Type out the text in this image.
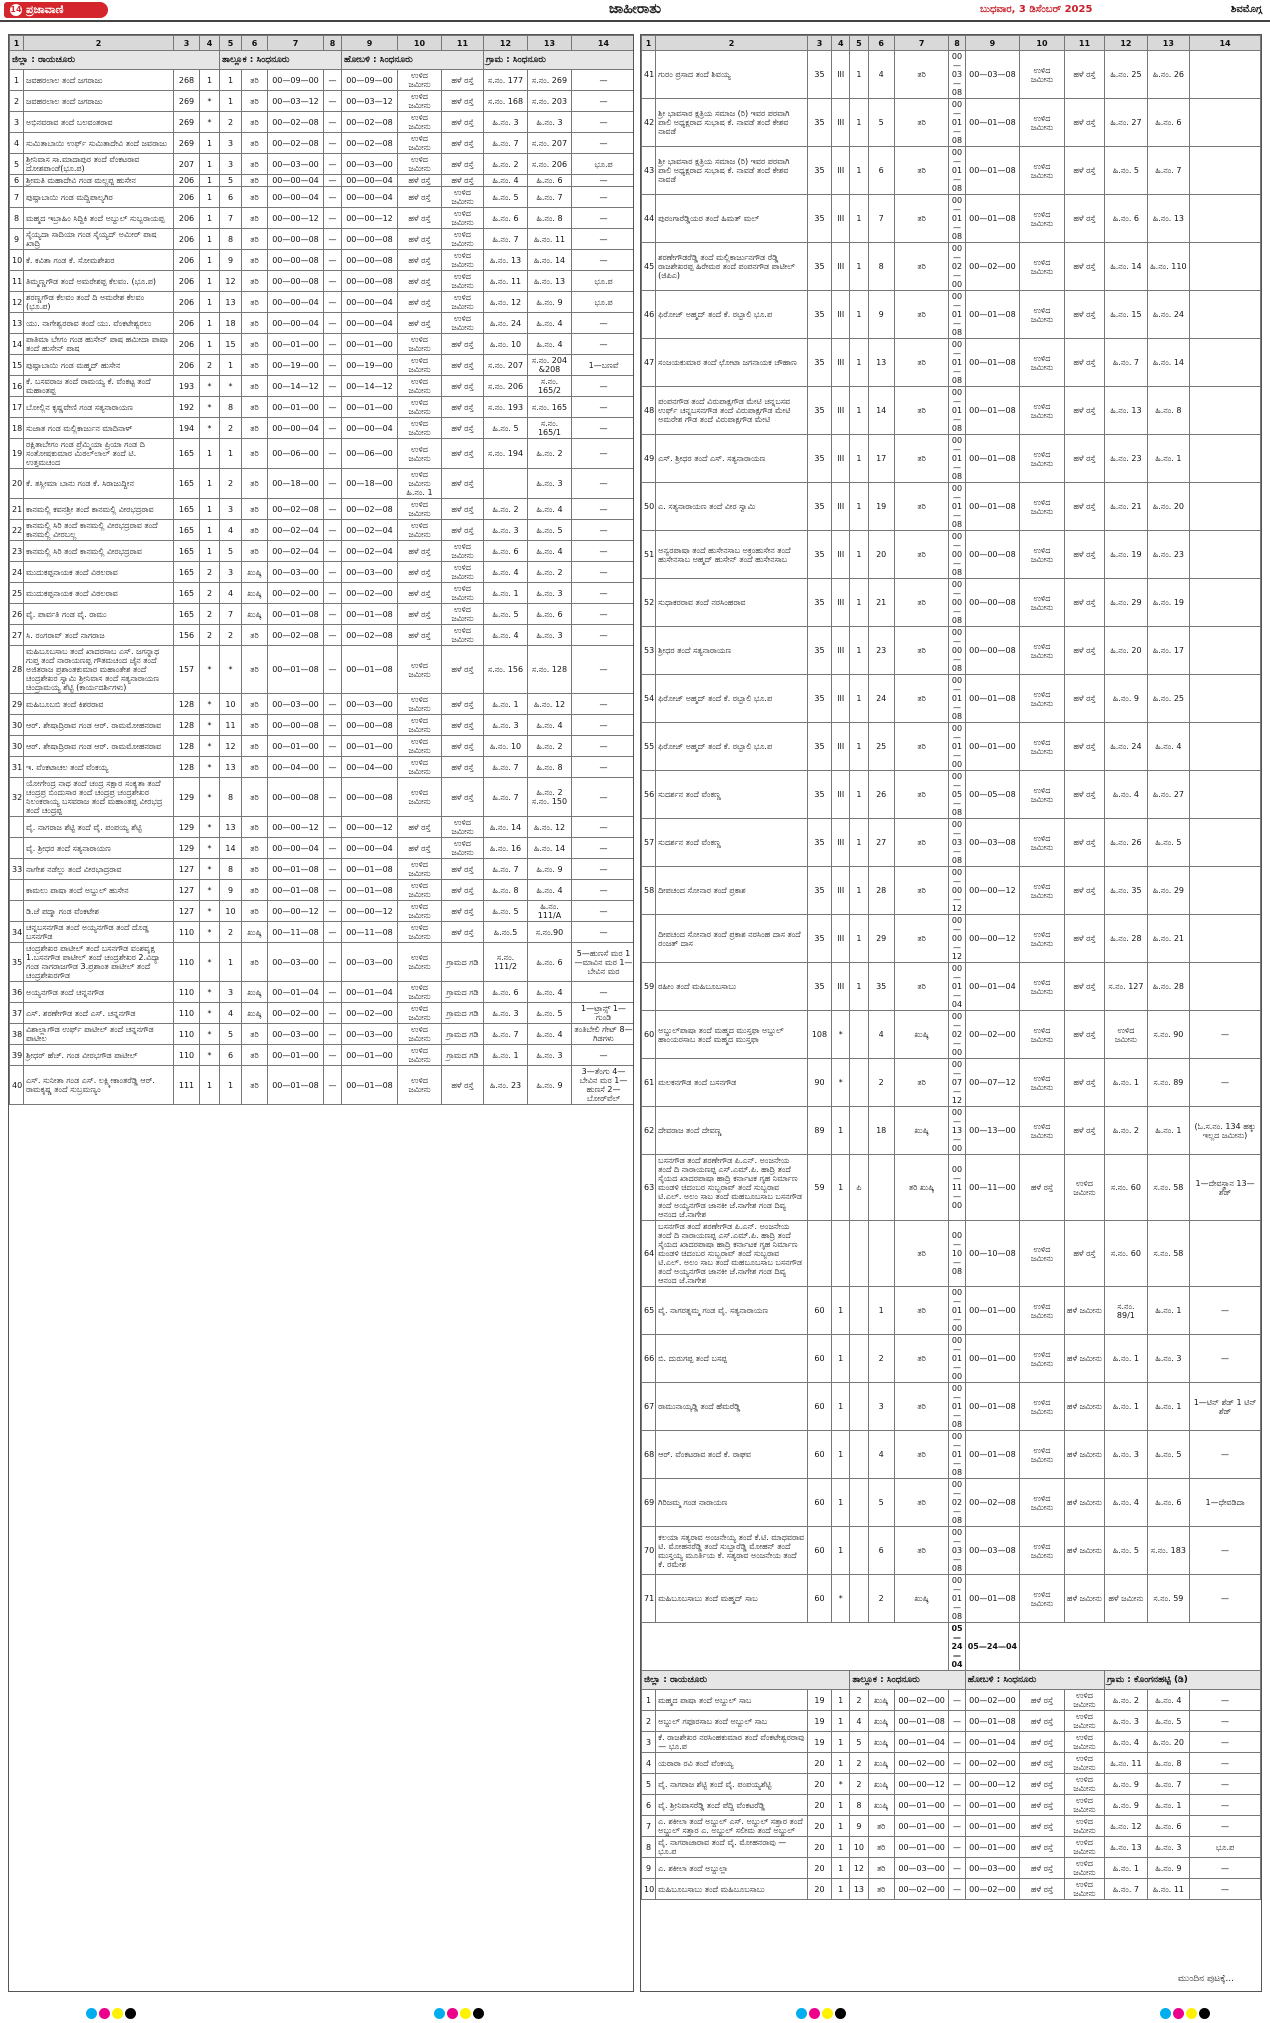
14 ಪ್ರಜಾವಾಣಿ	ಜಾಹೀರಾತು	ಬುಧವಾರ, 3 ಡಿಸೆಂಬರ್ 2025	ಶಿವಮೊಗ್ಗ
1	2	3	4	5	6	7	8	9	10	11	12	13	14
ಜಿಲ್ಲಾ : ರಾಯಚೂರು				ತಾಲ್ಲೂಕ : ಸಿಂಧನೂರು				ಹೋಬಳಿ : ಸಿಂಧನೂರು			ಗ್ರಾಮ : ಸಿಂಧನೂರು		
1	ಜವಹರಲಾಲ ತಂದೆ ಜಗರಾಜು	268	1	1	ತರಿ	00—09—00	—	00—09—00	ಉಳಿದ ಜಮೀನು	ಹಳೆ ರಸ್ತೆ	ಸ.ನಂ. 177	ಸ.ನಂ. 269	—
2	ಜವಹರಲಾಲ ತಂದೆ ಜಗರಾಜು	269	*	1	ತರಿ	00—03—12	—	00—03—12	ಉಳಿದ ಜಮೀನು	ಹಳೆ ರಸ್ತೆ	ಸ.ನಂ. 168	ಸ.ನಂ. 203	—
3	ಅಭಿನವರಾವ ತಂದೆ ಬಲವಂತರಾವ	269	*	2	ತರಿ	00—02—08	—	00—02—08	ಉಳಿದ ಜಮೀನು	ಹಳೆ ರಸ್ತೆ	ಹಿ.ನಂ. 3	ಹಿ.ನಂ. 3	—
4	ಸುಮಿತಾಬಾಯಿ ಉರ್ಫ್ ಸುಮಿತಾದೇವಿ ತಂದೆ ಜವರಾಜು	269	1	3	ತರಿ	00—02—08	—	00—02—08	ಉಳಿದ ಜಮೀನು	ಹಳೆ ರಸ್ತೆ	ಹಿ.ನಂ. 7	ಸ.ನಂ. 207	—
5	ಶ್ರೀನಿವಾಸ ಸಾ.ಮಾದಾಪುರ ತಂದೆ ವೆಂಕಟರಾವ ದೋಶಪಾಂಡೆ(ಭೂ.ಪ)	207	1	3	ತರಿ	00—03—00	—	00—03—00	ಉಳಿದ ಜಮೀನು	ಹಳೆ ರಸ್ತೆ	ಹಿ.ನಂ. 2	ಸ.ನಂ. 206	ಭೂ.ಪ
6	ಶ್ರೀಮತಿ ಮಹಾದೇವಿ ಗಂಡ ಮಲ್ಲಪ್ಪ ಹುಸೇನ	206	1	5	ತರಿ	00—00—04	—	00—00—04	ಹಳೆ ರಸ್ತೆ	ಹಳೆ ರಸ್ತೆ	ಹಿ.ನಂ. 4	ಹಿ.ನಂ. 6	—
7	ಪುಷ್ಪಾಬಾಯಿ ಗಂಡ ಮದ್ದಿಪಾಲ್ಯಗಿರ	206	1	6	ತರಿ	00—00—04	—	00—00—04	ಹಳೆ ರಸ್ತೆ	ಉಳಿದ ಜಮೀನು	ಹಿ.ನಂ. 5	ಹಿ.ನಂ. 7	—
8	ಮಹ್ಮದ ಇಬ್ರಾಹಿಂ ಸಿದ್ದಿಕಿ ತಂದೆ ಅಬ್ದುಲ್ ಸುಬ್ಬರಾಯಪ್ಪ	206	1	7	ತರಿ	00—00—12	—	00—00—12	ಹಳೆ ರಸ್ತೆ	ಉಳಿದ ಜಮೀನು	ಹಿ.ನಂ. 6	ಹಿ.ನಂ. 8	—
9	ಸೈಯ್ಯದಾ ಸಾದಿಯಾ ಗಂಡ ಸೈಯ್ಯದ್ ಅಮೀರ್ ಪಾಷ ಖಾದ್ರಿ	206	1	8	ತರಿ	00—00—08	—	00—00—08	ಹಳೆ ರಸ್ತೆ	ಉಳಿದ ಜಮೀನು	ಹಿ.ನಂ. 7	ಹಿ.ನಂ. 11	—
10	ಕೆ. ಕವಿತಾ ಗಂಡ ಕೆ. ಸೋಮಶೇಖರ	206	1	9	ತರಿ	00—00—08	—	00—00—08	ಹಳೆ ರಸ್ತೆ	ಉಳಿದ ಜಮೀನು	ಹಿ.ನಂ. 13	ಹಿ.ನಂ. 14	—
11	ತಿಮ್ಮಣ್ಣಗೌಡ ತಂದೆ ಅಮರೇಶಪ್ಪ ಕೆಲವಂ. (ಭೂ.ಪ)	206	1	12	ತರಿ	00—00—08	—	00—00—08	ಹಳೆ ರಸ್ತೆ	ಉಳಿದ ಜಮೀನು	ಹಿ.ನಂ. 11	ಹಿ.ನಂ. 13	ಭೂ.ಪ
12	ಶರಣ್ಣಗೌಡ ಕೆಲವಂ ತಂದೆ ದಿ ಅಮರೇಶ ಕೆಲವಂ (ಭೂ.ಪ)	206	1	13	ತರಿ	00—00—04	—	00—00—04	ಹಳೆ ರಸ್ತೆ	ಉಳಿದ ಜಮೀನು	ಹಿ.ನಂ. 12	ಹಿ.ನಂ. 9	ಭೂ.ಪ
13	ಯು. ನಾಗೇಶ್ವರರಾವ ತಂದೆ ಯು. ವೆಂಕಟೇಶ್ವರಲು	206	1	18	ತರಿ	00—00—04	—	00—00—04	ಹಳೆ ರಸ್ತೆ	ಉಳಿದ ಜಮೀನು	ಹಿ.ನಂ. 24	ಹಿ.ನಂ. 4	—
14	ಪಾತಿಮಾ ಬೇಗಂ ಗಂಡ ಹುಸೇನ್ ಪಾಷ ಹಮೀದಾ ಪಾಷಾ ತಂದೆ ಹುಸೇನ್ ಪಾಷ	206	1	15	ತರಿ	00—01—00	—	00—01—00	ಉಳಿದ ಜಮೀನು	ಹಳೆ ರಸ್ತೆ	ಹಿ.ನಂ. 10	ಹಿ.ನಂ. 4	—
15	ಪುಷ್ಪಾಬಾಯಿ ಗಂಡ ಮಹ್ಮದ್ ಹುಸೇನ	206	2	1	ತರಿ	00—19—00	—	00—19—00	ಉಳಿದ ಜಮೀನು	ಹಳೆ ರಸ್ತೆ	ಸ.ನಂ. 207	ಸ.ನಂ. 204 &208	1—ಬಣವೆ
16	ಕೆ. ಬಸವರಾಜ ತಂದೆ ರಾಮಯ್ಯ ಕೆ. ವೆಂಕಟ್ಟ ತಂದೆ ಮಹಾಂತಪ್ಪ	193	*	*	ತರಿ	00—14—12	—	00—14—12	ಉಳಿದ ಜಮೀನು	ಹಳೆ ರಸ್ತೆ	ಸ.ನಂ. 206	ಸ.ನಂ. 165/2	—
17	ಬೋಲ್ಲಿನ ಕೃಷ್ಣವೇಣಿ ಗಂಡ ಸತ್ಯನಾರಾಯಣ	192	*	8	ತರಿ	00—01—00	—	00—01—00	ಉಳಿದ ಜಮೀನು	ಹಳೆ ರಸ್ತೆ	ಸ.ನಂ. 193	ಸ.ನಂ. 165	—
18	ಸುಜಾತ ಗಂಡ ಮಲ್ಲಿಕಾರ್ಜುನ ಮಾದಿನಾಳ್	194	*	2	ತರಿ	00—00—04	—	00—00—04	ಉಳಿದ ಜಮೀನು	ಹಳೆ ರಸ್ತೆ	ಹಿ.ನಂ. 5	ಸ.ನಂ. 165/1	—
19	ರಕ್ಷಿತಾಬೇಗಂ ಗಂಡ ಪ್ರೆಮ್ಮಿಯಾ ಪ್ರಿಯಾ ಗಂಡ ದಿ ಸಂತೋಷಕುಮಾರ ಮಿಠಲ್‌ಲಾಲ್ ತಂದೆ ಟಿ. ಉತ್ತಮಚಂದ	165	1	1	ತರಿ	00—06—00	—	00—06—00	ಉಳಿದ ಜಮೀನು	ಹಳೆ ರಸ್ತೆ	ಸ.ನಂ. 194	ಹಿ.ನಂ. 2	—
20	ಕೆ. ತಸ್ಲೀಮಾ ಬಾನು ಗಂಡ ಕೆ. ಸಿರಾಜುದ್ದೀನ	165	1	2	ತರಿ	00—18—00	—	00—18—00	ಉಳಿದ ಜಮೀನು ಹಿ.ನಂ. 1	ಹಳೆ ರಸ್ತೆ		ಹಿ.ನಂ. 3	—
21	ಕಾನಮಲ್ಲಿ ಕವನಶ್ರೀ ತಂದೆ ಕಾನಮಲ್ಲಿ ವೀರಭದ್ರರಾವ	165	1	3	ತರಿ	00—02—08	—	00—02—08	ಉಳಿದ ಜಮೀನು	ಹಳೆ ರಸ್ತೆ	ಹಿ.ನಂ. 2	ಹಿ.ನಂ. 4	—
22	ಕಾನಮಲ್ಲಿ ಸಿರಿ ತಂದೆ ಕಾನಮಲ್ಲಿ ವೀರಭದ್ರರಾವ ತಂದೆ ಕಾನಮಲ್ಲಿ ವೀರಬಲ್ಲ	165	1	4	ತರಿ	00—02—04	—	00—02—04	ಉಳಿದ ಜಮೀನು	ಹಳೆ ರಸ್ತೆ	ಹಿ.ನಂ. 3	ಹಿ.ನಂ. 5	—
23	ಕಾನಮಲ್ಲಿ ಸಿರಿ ತಂದೆ ಕಾನಮಲ್ಲಿ ವೀರಭದ್ರರಾವ	165	1	5	ತರಿ	00—02—04	—	00—02—04	ಹಳೆ ರಸ್ತೆ	ಉಳಿದ ಜಮೀನು	ಹಿ.ನಂ. 6	ಹಿ.ನಂ. 4	—
24	ಮುದುಕಪ್ಪನಾಯಕ ತಂದೆ ವಿಠಲರಾವ	165	2	3	ಖುಷ್ಕಿ	00—03—00	—	00—03—00	ಹಳೆ ರಸ್ತೆ	ಉಳಿದ ಜಮೀನು	ಹಿ.ನಂ. 4	ಹಿ.ನಂ. 2	—
25	ಮುದುಕಪ್ಪನಾಯಕ ತಂದೆ ವಿಠಲರಾವ	165	2	4	ಖುಷ್ಕಿ	00—02—00	—	00—02—00	ಹಳೆ ರಸ್ತೆ	ಉಳಿದ ಜಮೀನು	ಹಿ.ನಂ. 1	ಹಿ.ನಂ. 3	—
26	ವೈ. ಪಾರ್ವತಿ ಗಂಡ ವೈ. ರಾಮು	165	2	7	ಖುಷ್ಕಿ	00—01—08	—	00—01—08	ಹಳೆ ರಸ್ತೆ	ಉಳಿದ ಜಮೀನು	ಹಿ.ನಂ. 5	ಹಿ.ನಂ. 6	—
27	ಸಿ. ರಂಗರಾವ್ ತಂದೆ ನಾಗರಾಜ	156	2	2	ತರಿ	00—02—08	—	00—02—08	ಹಳೆ ರಸ್ತೆ	ಉಳಿದ ಜಮೀನು	ಹಿ.ನಂ. 4	ಹಿ.ನಂ. 3	—
28	ಮಹಿಬೂಬಸಾಬ ತಂದೆ ಖಾದರಸಾಬ ಎಸ್. ಜಗನ್ನಾಥ ಗುಪ್ತ ತಂದೆ ನಾರಾಯಣಪ್ಪ ಗೌತಮಚಂದ ಜೈನ ತಂದೆ ಅಜಿತರಾಜ ಪ್ರಶಾಂತಕುಮಾರ ಮಹಾಂತೇಶ ತಂದೆ ಚಂದ್ರಶೇಖರ ಸ್ವಾಮಿ ಶ್ರೀನಿವಾಸ ತಂದೆ ಸತ್ಯನಾರಾಯಣ ಚಿಂದ್ರಾಮಯ್ಯ ಶೆಟ್ಟಿ (ಕಾರ್ಯದರ್ಶಿಗಳು)	157	*	*	ತರಿ	00—01—08	—	00—01—08	ಉಳಿದ ಜಮೀನು	ಹಳೆ ರಸ್ತೆ	ಸ.ನಂ. 156	ಸ.ನಂ. 128	—
29	ಮಹಿಬೂಬಬಿ ತಂದೆ ಕಿಶರರಾವ	128	*	10	ತರಿ	00—03—00	—	00—03—00	ಉಳಿದ ಜಮೀನು	ಹಳೆ ರಸ್ತೆ	ಹಿ.ನಂ. 1	ಹಿ.ನಂ. 12	—
30	ಆರ್. ಶೇಷಾದ್ರಿರಾವ ಗಂಡ ಆರ್. ರಾಮಮೋಹನರಾವ	128	*	11	ತರಿ	00—00—08	—	00—00—08	ಉಳಿದ ಜಮೀನು	ಹಳೆ ರಸ್ತೆ	ಹಿ.ನಂ. 3	ಹಿ.ನಂ. 4	—
30	ಆರ್. ಶೇಷಾದ್ರಿರಾವ ಗಂಡ ಆರ್. ರಾಮಮೋಹನರಾವ	128	*	12	ತರಿ	00—01—00	—	00—01—00	ಉಳಿದ ಜಮೀನು	ಹಳೆ ರಸ್ತೆ	ಹಿ.ನಂ. 10	ಹಿ.ನಂ. 2	—
31	ಇ. ವೆಂಕಟಾಚಲ ತಂದೆ ವೆಂಕಯ್ಯ	128	*	13	ತರಿ	00—04—00	—	00—04—00	ಉಳಿದ ಜಮೀನು	ಹಳೆ ರಸ್ತೆ	ಹಿ.ನಂ. 7	ಹಿ.ನಂ. 8	—
32	ಯೋಗೇಂದ್ರ ನಾಥ ತಂದೆ ಚಂದ್ರ ಸಕ್ಷಾರ ಸಂಕೃತಾ ತಂದೆ ಚಂದ್ರಪ್ರ ಬಿಂದುಸಾರ ತಂದೆ ಚಂದ್ರಪ್ರ ಚಂದ್ರಶೇಖರ ನಿಲಂಕರಾಯ್ಯ ಬಸವರಾಜ ತಂದೆ ಮಹಾಂತಪ್ಪ ವೀರಭದ್ರ ತಂದೆ ಚಂದ್ರಪ್ಪ	129	*	8	ತರಿ	00—00—08	—	00—00—08	ಉಳಿದ ಜಮೀನು	ಹಳೆ ರಸ್ತೆ	ಹಿ.ನಂ. 7	ಹಿ.ನಂ. 2 ಸ.ನಂ. 150	—
	ವೈ. ನಾಗರಾಜ ಶೆಟ್ಟಿ ತಂದೆ ವೈ. ಪಂಪಯ್ಯ ಶೆಟ್ಟಿ	129	*	13	ತರಿ	00—00—12	—	00—00—12	ಹಳೆ ರಸ್ತೆ	ಉಳಿದ ಜಮೀನು	ಹಿ.ನಂ. 14	ಹಿ.ನಂ. 12	—
	ವೈ. ಶ್ರೀಧರ ತಂದೆ ಸತ್ಯನಾರಾಯಣ	129	*	14	ತರಿ	00—00—04	—	00—00—04	ಹಳೆ ರಸ್ತೆ	ಉಳಿದ ಜಮೀನು	ಹಿ.ನಂ. 16	ಹಿ.ನಂ. 14	—
33	ನಾಗೇಶ ನಡೆಲ್ಲು ತಂದೆ ವೀರಭಾದ್ರರಾವ	127	*	8	ತರಿ	00—01—08	—	00—01—08	ಉಳಿದ ಜಮೀನು	ಹಳೆ ರಸ್ತೆ	ಹಿ.ನಂ. 7	ಹಿ.ನಂ. 9	—
	ಕಾಮಲು ಪಾಷಾ ತಂದೆ ಅಬ್ದುಲ್ ಹುಸೇನ	127	*	9	ತರಿ	00—01—08	—	00—01—08	ಉಳಿದ ಜಮೀನು	ಹಳೆ ರಸ್ತೆ	ಹಿ.ನಂ. 8	ಹಿ.ನಂ. 4	—
	ಡಿ.ಜೆ ಪದ್ಮಾ ಗಂಡ ವೆಂಕಟೇಶ	127	*	10	ತರಿ	00—00—12	—	00—00—12	ಉಳಿದ ಜಮೀನು	ಹಳೆ ರಸ್ತೆ	ಹಿ.ನಂ. 5	ಹಿ.ನಂ. 111/A	—
34	ಚನ್ನಬಸನಗೌಡ ತಂದೆ ಅಯ್ಯನಗೌಡ ತಂದೆ ದೊಡ್ಡ ಬಸನಗೌಡ	110	*	2	ಖುಷ್ಕಿ	00—11—08	—	00—11—08	ಉಳಿದ ಜಮೀನು	ಹಳೆ ರಸ್ತೆ	ಹಿ.ನಂ.5	ಸ.ನಂ.90	—
35	ಚಂದ್ರಶೇಖರ ಪಾಟೀಲ್ ತಂದೆ ಬಸನಗೌಡ ವಂಶವೃಕ್ಷ 1.ಬಸನಗೌಡ ಪಾಟೀಲ್ ತಂದೆ ಚಂದ್ರಶೇಖರ 2.ವಿದ್ಯಾ ಗಂಡ ನಾಗರಾಜಗೌಡ 3.ಪ್ರಶಾಂತ ಪಾಟೀಲ್ ತಂದೆ ಚಂದ್ರಶೇಖರಗೌಡ	110	*	1	ತರಿ	00—03—00	—	00—03—00	ಉಳಿದ ಜಮೀನು	ಗ್ರಾಮದ ಗಡಿ	ಸ.ನಂ. 111/2	ಹಿ.ನಂ. 6	5—ಹುಣಸೆ ಮರ 1—ಮಾವಿನ ಮರ 1—ಬೇವಿನ ಮರ
36	ಅಯ್ಯನಗೌಡ ತಂದೆ ಚನ್ನನಗೌಡ	110	*	3	ಖುಷ್ಕಿ	00—01—04	—	00—01—04	ಉಳಿದ ಜಮೀನು	ಗ್ರಾಮದ ಗಡಿ	ಹಿ.ನಂ. 6	ಹಿ.ನಂ. 4	—
37	ಎಸ್. ಶರಣೇಗೌಡ ತಂದೆ ಎಸ್. ಚನ್ನನಗೌಡ	110	*	4	ಖುಷ್ಕಿ	00—02—00	—	00—02—00	ಉಳಿದ ಜಮೀನು	ಗ್ರಾಮದ ಗಡಿ	ಹಿ.ನಂ. 3	ಹಿ.ನಂ. 5	1—ಟ್ರಾನ್ಸ್ 1—ಗುಂಡಿ
38	ವಿಶಾಲ್ಲಾಗೌಡ ಉರ್ಫ್ ಪಾಟೀಲ್ ತಂದೆ ಚನ್ನನಗೌಡ ಪಾಟೀಲ	110	*	5	ತರಿ	00—03—00	—	00—03—00	ಉಳಿದ ಜಮೀನು	ಗ್ರಾಮದ ಗಡಿ	ಹಿ.ನಂ. 7	ಹಿ.ನಂ. 4	ತಂತಿಬೇಲಿ ಗೇಟ್ 8—ಗಿಡಗಳು
39	ಶ್ರೀಧರ್ ಹೆಚ್. ಗಂಡ ವೀರಭಗೌಡ ಪಾಟೀಲ್	110	*	6	ತರಿ	00—01—00	—	00—01—00	ಉಳಿದ ಜಮೀನು	ಗ್ರಾಮದ ಗಡಿ	ಹಿ.ನಂ. 1	ಹಿ.ನಂ. 3	—
40	ಎಸ್. ಸುನೀತಾ ಗಂಡ ಎಸ್. ಲಕ್ಷ್ಮೀಕಾಂತರೆಡ್ಡಿ ಆರ್. ರಾಮಕೃಷ್ಣ ತಂದೆ ಸುಬ್ರಮಣ್ಯಂ	111	1	1	ತರಿ	00—01—08	—	00—01—08	ಉಳಿದ ಜಮೀನು	ಹಳೆ ರಸ್ತೆ	ಹಿ.ನಂ. 23	ಹಿ.ನಂ. 9	3—ತೆಂಗು 4—ಬೇವಿನ ಮರ 1—ಹುಣಸೆ 2—ಬೋರ್‌ವೆಲ್
1	2	3	4	5	6	7	8	9	10	11	12	13	14
41	ಗುರಂ ಪ್ರಸಾದ ತಂದೆ ಶಿವಯ್ಯ	35	III	1	4	ತರಿ	00—03—08	00—03—08	ಉಳಿದ ಜಮೀನು	ಹಳೆ ರಸ್ತೆ	ಹಿ.ನಂ. 25	ಹಿ.ನಂ. 26	
42	ಶ್ರೀ ಭಾವಸಾರ ಕ್ಷತ್ರಿಯ ಸಮಾಜ (ರಿ) ಇವರ ಪರವಾಗಿ ಪಾಲಿ ಅಧ್ಯಕ್ಷರಾದ ಸುಭಾಷ ಕೆ. ನಾವಡೆ ತಂದೆ ಕೇಶವ ನಾವಡೆ	35	III	1	5	ತರಿ	00—01—08	00—01—08	ಉಳಿದ ಜಮೀನು	ಹಳೆ ರಸ್ತೆ	ಹಿ.ನಂ. 27	ಹಿ.ನಂ. 6	
43	ಶ್ರೀ ಭಾವಸಾರ ಕ್ಷತ್ರಿಯ ಸಮಾಜ (ರಿ) ಇವರ ಪರವಾಗಿ ಪಾಲಿ ಅಧ್ಯಕ್ಷರಾದ ಸುಭಾಷ ಕೆ. ನಾವಡೆ ತಂದೆ ಕೇಶವ ನಾವಡೆ	35	III	1	6	ತರಿ	00—01—08	00—01—08	ಉಳಿದ ಜಮೀನು	ಹಳೆ ರಸ್ತೆ	ಹಿ.ನಂ. 5	ಹಿ.ನಂ. 7	
44	ಪುರಂಗಾರೆಡ್ಡಿಯರ ತಂದೆ ಹಿಮತ್ ಮಲ್	35	III	1	7	ತರಿ	00—01—08	00—01—08	ಉಳಿದ ಜಮೀನು	ಹಳೆ ರಸ್ತೆ	ಹಿ.ನಂ. 6	ಹಿ.ನಂ. 13	
45	ಶರಣೇಗೌಡರೆಡ್ಡಿ ತಂದೆ ಮಲ್ಲಿಕಾರ್ಜುನಗೌಡ ರೆಡ್ಡಿ ರಾಜಶೇಖರಪ್ಪ ಹಿರೇಮಠ ತಂದೆ ಪಂಪನಗೌಡ ಪಾಟೀಲ್ (ಜಿಪಿಎ)	35	III	1	8	ತರಿ	00—02—00	00—02—00	ಉಳಿದ ಜಮೀನು	ಹಳೆ ರಸ್ತೆ	ಹಿ.ನಂ. 14	ಹಿ.ನಂ. 110	
46	ಫಿರೋಜ್ ಅಹ್ಮದ್ ತಂದೆ ಕೆ. ರಬ್ಬಾಲಿ ಭೂ.ಪ	35	III	1	9	ತರಿ	00—01—08	00—01—08	ಉಳಿದ ಜಮೀನು	ಹಳೆ ರಸ್ತೆ	ಹಿ.ನಂ. 15	ಹಿ.ನಂ. 24	
47	ಸಂಜಯಕುಮಾರ ತಂದೆ ಛೋಟಾ ಜಗನಾಯಕ ಚೌಹಾಣ	35	III	1	13	ತರಿ	00—01—08	00—01—08	ಉಳಿದ ಜಮೀನು	ಹಳೆ ರಸ್ತೆ	ಹಿ.ನಂ. 7	ಹಿ.ನಂ. 14	
48	ಪಂಪನಗೌಡ ತಂದೆ ವಿರುಪಾಕ್ಷಗೌಡ ಮೇಟಿ ಚನ್ನಬಸವ ಉರ್ಫ್ ಚನ್ನಬಸನಗೌಡ ತಂದೆ ವಿರುಪಾಕ್ಷಗೌಡ ಮೇಟಿ ಅಮರೇಶ ಗೌಡ ತಂದೆ ವಿರುಪಾಕ್ಷಗೌಡ ಮೇಟಿ	35	III	1	14	ತರಿ	00—01—08	00—01—08	ಉಳಿದ ಜಮೀನು	ಹಳೆ ರಸ್ತೆ	ಹಿ.ನಂ. 13	ಹಿ.ನಂ. 8	
49	ಎಸ್. ಶ್ರೀಧರ ತಂದೆ ಎಸ್. ಸತ್ಯನಾರಾಯಣ	35	III	1	17	ತರಿ	00—01—08	00—01—08	ಉಳಿದ ಜಮೀನು	ಹಳೆ ರಸ್ತೆ	ಹಿ.ನಂ. 23	ಹಿ.ನಂ. 1	
50	ಎ. ಸತ್ಯನಾರಾಯಣ ತಂದೆ ವೀರ ಸ್ವಾಮಿ	35	III	1	19	ತರಿ	00—01—08	00—01—08	ಉಳಿದ ಜಮೀನು	ಹಳೆ ರಸ್ತೆ	ಹಿ.ನಂ. 21	ಹಿ.ನಂ. 20	
51	ಅನ್ವರಪಾಷಾ ತಂದೆ ಹುಸೇನಸಾಬ ಅಕ್ರಂಹುಸೇನ ತಂದೆ ಹುಸೇನಸಾಬ ಅಹ್ಮದ್ ಹುಸೇನ್ ತಂದೆ ಹುಸೇನಸಾಬ	35	III	1	20	ತರಿ	00—00—08	00—00—08	ಉಳಿದ ಜಮೀನು	ಹಳೆ ರಸ್ತೆ	ಹಿ.ನಂ. 19	ಹಿ.ನಂ. 23	
52	ಸುಧಾಕರರಾವ ತಂದೆ ನರಸಿಂಹರಾವ	35	III	1	21	ತರಿ	00—00—08	00—00—08	ಉಳಿದ ಜಮೀನು	ಹಳೆ ರಸ್ತೆ	ಹಿ.ನಂ. 29	ಹಿ.ನಂ. 19	
53	ಶ್ರೀಧರ ತಂದೆ ಸತ್ಯನಾರಾಯಣ	35	III	1	23	ತರಿ	00—00—08	00—00—08	ಉಳಿದ ಜಮೀನು	ಹಳೆ ರಸ್ತೆ	ಹಿ.ನಂ. 20	ಹಿ.ನಂ. 17	
54	ಫಿರೋಜ್ ಅಹ್ಮದ್ ತಂದೆ ಕೆ. ರಬ್ಬಾಲಿ ಭೂ.ಪ	35	III	1	24	ತರಿ	00—01—08	00—01—08	ಉಳಿದ ಜಮೀನು	ಹಳೆ ರಸ್ತೆ	ಹಿ.ನಂ. 9	ಹಿ.ನಂ. 25	
55	ಫಿರೋಜ್ ಅಹ್ಮದ್ ತಂದೆ ಕೆ. ರಬ್ಬಾಲಿ ಭೂ.ಪ	35	III	1	25	ತರಿ	00—01—00	00—01—00	ಉಳಿದ ಜಮೀನು	ಹಳೆ ರಸ್ತೆ	ಹಿ.ನಂ. 24	ಹಿ.ನಂ. 4	
56	ಸುದರ್ಶನ ತಂದೆ ವೆಂಕಣ್ಣ	35	III	1	26	ತರಿ	00—05—08	00—05—08	ಉಳಿದ ಜಮೀನು	ಹಳೆ ರಸ್ತೆ	ಹಿ.ನಂ. 4	ಹಿ.ನಂ. 27	
57	ಸುದರ್ಶನ ತಂದೆ ವೆಂಕಣ್ಣ	35	III	1	27	ತರಿ	00—03—08	00—03—08	ಉಳಿದ ಜಮೀನು	ಹಳೆ ರಸ್ತೆ	ಹಿ.ನಂ. 26	ಹಿ.ನಂ. 5	
58	ದೀಪಚಂದ ಸೋನಾರ ತಂದೆ ಪ್ರಕಾಶ	35	III	1	28	ತರಿ	00—00—12	00—00—12	ಉಳಿದ ಜಮೀನು	ಹಳೆ ರಸ್ತೆ	ಹಿ.ನಂ. 35	ಹಿ.ನಂ. 29	
	ದೀಪಚಂದ ಸೋನಾರ ತಂದೆ ಪ್ರಕಾಶ ನರಸಿಂಹ ದಾಸ ತಂದೆ ರಂಜತ್ ದಾಸ	35	III	1	29	ತರಿ	00—00—12	00—00—12	ಉಳಿದ ಜಮೀನು	ಹಳೆ ರಸ್ತೆ	ಹಿ.ನಂ. 28	ಹಿ.ನಂ. 21	
59	ರಹೀಂ ತಂದೆ ಮಹಿಬೂಬಸಾಬು	35	III	1	35	ತರಿ	00—01—04	00—01—04	ಉಳಿದ ಜಮೀನು	ಹಳೆ ರಸ್ತೆ	ಸ.ನಂ. 127	ಹಿ.ನಂ. 28	
60	ಅಬ್ದುಲ್‌ಪಾಷಾ ತಂದೆ ಮಹ್ಮದ ಮುಸ್ತಫಾ ಅಬ್ದುಲ್ ಹಾಂಯರಸಾಬ ತಂದೆ ಮಹ್ಮದ ಮುಸ್ತಫಾ	108	*		4	ಖುಷ್ಕಿ	00—02—00	00—02—00	ಉಳಿದ ಜಮೀನು	ಹಳೆ ರಸ್ತೆ	ಉಳಿದ ಜಮೀನು	ಸ.ನಂ. 90	—
61	ಮಲಕನಗೌಡ ತಂದೆ ಬಸನಗೌಡ	90	*		2	ತರಿ	00—07—12	00—07—12	ಉಳಿದ ಜಮೀನು	ಹಳೆ ರಸ್ತೆ	ಹಿ.ನಂ. 1	ಸ.ನಂ. 89	—
62	ದೇವರಾಜ ತಂದೆ ದೇವಣ್ಣ	89	1		18	ಖುಷ್ಕಿ	00—13—00	00—13—00	ಉಳಿದ ಜಮೀನು	ಹಳೆ ರಸ್ತೆ	ಹಿ.ನಂ. 2	ಹಿ.ನಂ. 1	(ಓ.ಸ.ನಂ. 134 ಹಕ್ಕು ಇಲ್ಲದ ಜಮೀನು)
63	ಬಸನಗೌಡ ತಂದೆ ಶರಣೇಗೌಡ ಪಿ.ಎನ್. ಅಂಜನೇಯ ತಂದೆ ದಿ ನಾರಾಯಣಪ್ಪ ಎಸ್.ಎಮ್.ಪಿ. ಹಾದ್ರಿ ತಂದೆ ಸೈಯದ ಖಾದರಪಾಷಾ ಹಾದ್ರಿ ಕರ್ನಾಟಕ ಗೃಹ ನಿರ್ಮಾಣ ಮಂಡಳಿ ಚಿದಂಬರ ಸುಬ್ಬರಾವ್ ತಂದೆ ಸುಬ್ಬರಾವ ಟಿ.ಎಲ್. ಅಲಂ ಸಾಬ ತಂದೆ ಮಹಬೂಬಸಾಬ ಬಸನಗೌಡ ತಂದೆ ಅಯ್ಯನಗೌಡ ಜಾನಕೀ ಜೆ.ನಾಗೇಶ ಗಂಡ ದಿವ್ಯ ಆನಂದ ಜೆ.ನಾಗೇಶ	59	1	ಪಿ		ತರಿ ಖುಷ್ಕಿ	00—11—00	00—11—00	ಹಳೆ ರಸ್ತೆ	ಉಳಿದ ಜಮೀನು	ಸ.ನಂ. 60	ಸ.ನಂ. 58	1—ದೇವಸ್ಥಾನ 13—ಶೆಡ್
64	ಬಸನಗೌಡ ತಂದೆ ಶರಣೇಗೌಡ ಪಿ.ಎನ್. ಅಂಜನೇಯ ತಂದೆ ದಿ ನಾರಾಯಣಪ್ಪ ಎಸ್.ಎಮ್.ಪಿ. ಹಾದ್ರಿ ತಂದೆ ಸೈಯದ ಖಾದರಪಾಷಾ ಹಾದ್ರಿ ಕರ್ನಾಟಕ ಗೃಹ ನಿರ್ಮಾಣ ಮಂಡಳಿ ಚಿದಂಬರ ಸುಬ್ಬರಾವ್ ತಂದೆ ಸುಬ್ಬರಾವ ಟಿ.ಎಲ್. ಅಲಂ ಸಾಬ ತಂದೆ ಮಹಬೂಬಸಾಬ ಬಸನಗೌಡ ತಂದೆ ಅಯ್ಯನಗೌಡ ಜಾನಕೀ ಜೆ.ನಾಗೇಶ ಗಂಡ ದಿವ್ಯ ಆನಂದ ಜೆ.ನಾಗೇಶ					ತರಿ	00—10—08	00—10—08	ಉಳಿದ ಜಮೀನು	ಹಳೆ ರಸ್ತೆ	ಸ.ನಂ. 60	ಸ.ನಂ. 58	
65	ವೈ. ನಾಗರತ್ನಮ್ಮ ಗಂಡ ವೈ. ಸತ್ಯನಾರಾಯಣ	60	1		1	ತರಿ	00—01—00	00—01—00	ಉಳಿದ ಜಮೀನು	ಹಳೆ ಜಮೀನು	ಸ.ನಂ. 89/1	ಹಿ.ನಂ. 1	—
66	ಬಿ. ದುರುಗಪ್ಪ ತಂದೆ ಬಸಪ್ಪ	60	1		2	ತರಿ	00—01—00	00—01—00	ಉಳಿದ ಜಮೀನು	ಹಳೆ ಜಮೀನು	ಹಿ.ನಂ. 1	ಹಿ.ನಂ. 3	—
67	ರಾಮುನಾಯ್ಕಡ್ಡಿ ತಂದೆ ಹೆಮರೆಡ್ಡಿ	60	1		3	ತರಿ	00—01—08	00—01—08	ಉಳಿದ ಜಮೀನು	ಹಳೆ ಜಮೀನು	ಹಿ.ನಂ. 1	ಹಿ.ನಂ. 1	1—ಟಿನ್ ಶೆಡ್ 1 ಟಿನ್ ಶೆಡ್
68	ಆರ್. ವೆಂಕಟರಾವ ತಂದೆ ಕೆ. ರಾಘವ	60	1		4	ತರಿ	00—01—08	00—01—08	ಉಳಿದ ಜಮೀನು	ಹಳೆ ಜಮೀನು	ಹಿ.ನಂ. 3	ಹಿ.ನಂ. 5	—
69	ಗಿರಿಜಮ್ಮ ಗಂಡ ನಾರಾಯಣ	60	1		5	ತರಿ	00—02—08	00—02—08	ಉಳಿದ ಜಮೀನು	ಹಳೆ ಜಮೀನು	ಹಿ.ನಂ. 4	ಹಿ.ನಂ. 6	1—ಧೇವಡಿದಾ
70	ಕಲಯಾ ಸತ್ಯರಾವ ಅಂಜನೇಯ್ಯ ತಂದೆ ಕೆ.ಟಿ. ಮಾಧವರಾವ ಟಿ. ಮೋಹನರೆಡ್ಡಿ ತಂದೆ ಸುಬ್ಬಾರೆಡ್ಡಿ ಮೋಹನ್ ತಂದೆ ಮುಸ್ತಯ್ಯ ಮೂರ್ತಿಯ ಕೆ. ಸತ್ಯರಾವ ಅಂಜನೇಯ ತಂದೆ ಕೆ. ರಮೇಶ	60	1		6	ತರಿ	00—03—08	00—03—08	ಉಳಿದ ಜಮೀನು	ಹಳೆ ಜಮೀನು	ಹಿ.ನಂ. 5	ಸ.ನಂ. 183	—
71	ಮಹಿಬೂಬಸಾಬು ತಂದೆ ಮಹ್ಮದ್ ಸಾಬ	60	*		2	ಖುಷ್ಕಿ	00—01—08	00—01—08	ಉಳಿದ ಜಮೀನು	ಹಳೆ ಜಮೀನು	ಹಳೆ ಜಮೀನು	ಸ.ನಂ. 59	—
							05—24—04	05—24—04					
ಜಿಲ್ಲಾ : ರಾಯಚೂರು				ತಾಲ್ಲೂಕ : ಸಿಂಧನೂರು				ಹೋಬಳಿ : ಸಿಂಧನೂರು			ಗ್ರಾಮ : ಕೊಂಗನಹಟ್ಟಿ (ಡಿ)		
1	ಮಹ್ಮದ ಪಾಷಾ ತಂದೆ ಅಬ್ದುಲ್ ಸಾಬ	19	1	2	ಖುಷ್ಕಿ	00—02—00	—	00—02—00	ಹಳೆ ರಸ್ತೆ	ಉಳಿದ ಜಮೀನು	ಹಿ.ನಂ. 2	ಹಿ.ನಂ. 4	—
2	ಅಬ್ದುಲ್ ಗಫೂರಸಾಬ ತಂದೆ ಅಬ್ದುಲ್ ಸಾಬ	19	1	4	ಖುಷ್ಕಿ	00—01—08	—	00—01—08	ಹಳೆ ರಸ್ತೆ	ಉಳಿದ ಜಮೀನು	ಹಿ.ನಂ. 3	ಹಿ.ನಂ. 5	—
3	ಕೆ. ರಾಜಶೇಖರ ನರಸಿಂಹಕುಮಾರ ತಂದೆ ವೆಂಕಟೇಶ್ವರರಾವು — ಭೂ.ಪ	19	1	5	ಖುಷ್ಕಿ	00—01—04	—	00—01—04	ಹಳೆ ರಸ್ತೆ	ಉಳಿದ ಜಮೀನು	ಹಿ.ನಂ. 4	ಹಿ.ನಂ. 20	—
4	ಯರಾರಾ ರವಿ ತಂದೆ ವೆಂಕಯ್ಯ	20	1	2	ಖುಷ್ಕಿ	00—02—00	—	00—02—00	ಹಳೆ ರಸ್ತೆ	ಉಳಿದ ಜಮೀನು	ಹಿ.ನಂ. 11	ಹಿ.ನಂ. 8	—
5	ವೈ. ನಾಗರಾಜ ಶೆಟ್ಟಿ ತಂದೆ ವೈ. ಪಂಪಯ್ಯಶೆಟ್ಟಿ	20	*	2	ಖುಷ್ಕಿ	00—00—12	—	00—00—12	ಹಳೆ ರಸ್ತೆ	ಉಳಿದ ಜಮೀನು	ಹಿ.ನಂ. 9	ಹಿ.ನಂ. 7	—
6	ವೈ. ಶ್ರೀನಿವಾಸರೆಡ್ಡಿ ತಂದೆ ಪೆದ್ದಿ ವೆಂಕಟರೆಡ್ಡಿ	20	1	8	ಖುಷ್ಕಿ	00—01—00	—	00—01—00	ಹಳೆ ರಸ್ತೆ	ಉಳಿದ ಜಮೀನು	ಹಿ.ನಂ. 9	ಹಿ.ನಂ. 1	—
7	ಎ. ಶಕೀಲಾ ತಂದೆ ಅಬ್ದುಲ್ ಎಸ್. ಅಬ್ದುಲ್ ಸತ್ತಾರ ತಂದೆ ಅಬ್ದುಲ್ ಸತ್ತಾರ ಎ. ಅಬ್ದುಲ್ ಸಲೀಮ ತಂದೆ ಅಬ್ದುಲ್	20	1	9	ತರಿ	00—01—00	—	00—01—00	ಹಳೆ ರಸ್ತೆ	ಉಳಿದ ಜಮೀನು	ಹಿ.ನಂ. 12	ಹಿ.ನಂ. 6	—
8	ವೈ. ನಾಗರಾಜಾರಾವ ತಂದೆ ವೈ. ಮೋಹನರಾವು — ಭೂ.ಪ	20	1	10	ತರಿ	00—01—00	—	00—01—00	ಹಳೆ ರಸ್ತೆ	ಉಳಿದ ಜಮೀನು	ಹಿ.ನಂ. 13	ಹಿ.ನಂ. 3	ಭೂ.ಪ
9	ಎ. ಶಕೀಲಾ ತಂದೆ ಅಬ್ದುಲ್ಲಾ	20	1	12	ತರಿ	00—03—00	—	00—03—00	ಹಳೆ ರಸ್ತೆ	ಉಳಿದ ಜಮೀನು	ಹಿ.ನಂ. 1	ಹಿ.ನಂ. 9	—
10	ಮಹಿಬೂಬಸಾಬು ತಂದೆ ಮಹಿಬೂಬಸಾಬು	20	1	13	ತರಿ	00—02—00	—	00—02—00	ಹಳೆ ರಸ್ತೆ	ಉಳಿದ ಜಮೀನು	ಹಿ.ನಂ. 7	ಹಿ.ನಂ. 11	—
ಮುಂದಿನ ಪುಟಕ್ಕೆ...
